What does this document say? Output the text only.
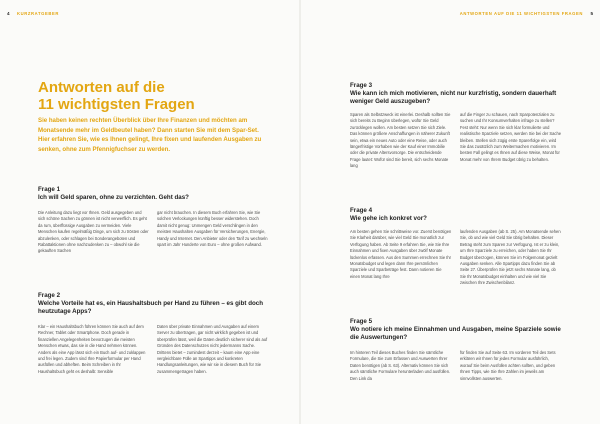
4 KURZRATGEBER
Antworten auf die
11 wichtigsten Fragen

Sie haben keinen rechten Überblick über Ihre Finanzen und möchten am Monatsende mehr im Geldbeutel haben? Dann starten Sie mit dem Spar-Set. Hier erfahren Sie, wie es Ihnen gelingt, Ihre fixen und laufenden Ausgaben zu senken, ohne zum Pfennigfuchser zu werden.

Frage 1
Ich will Geld sparen, ohne zu verzichten. Geht das?

Die Anleitung dazu liegt vor Ihnen. Geld ausgegeben und sich schöne Sachen zu gönnen ist nicht verwerflich. Es geht da rum, überflüssige Ausgaben zu vermeiden. Viele Menschen kaufen regelmäßig Dinge, um sich zu trösten oder abzulenken, oder schlagen bei Sonderangeboten und Rabattaktionen ohne nachzudenken zu – obwohl sie die gekauften Sachen

gar nicht brauchen. In diesem Buch erfahren Sie, wie Sie solchen Verlockungen künftig besser widerstehen. Doch damit nicht genug: Unmengen Geld verschlingen in den meisten Haushalten Ausgaben für Versicherungen, Energie, Handy und Internet. Den Anbieter oder den Tarif zu wechseln spart im Jahr Hunderte von Euro – ohne großen Aufwand.

Frage 2
Welche Vorteile hat es, ein Haushaltsbuch per Hand zu führen – es gibt doch heutzutage Apps?

Klar – ein Haushaltsbuch führen können Sie auch auf dem Rechner, Tablet oder Smartphone. Doch gerade in finanziellen Angelegenheiten bevorzugen die meisten Menschen etwas, das sie in die Hand nehmen können. Anders als eine App lässt sich ein Buch auf- und zuklappen und frei legen. Zudem sind Ihre Papierformular per Hand ausfüllen und abheften. Beim Schreiben in Ihr Haushaltsbuch geht es deshalb: Sensible

Daten über private Einnahmen und Ausgaben auf einem Server zu übertragen, gar nicht wirklich gegeben ist und überprüfen lässt, weil die Daten deutlich sicherer sind als auf Gründen des Datenschutzes nicht jedermanns Sache. Drittens bietet – zumindest derzeit – kaum eine App eine vergleichbare Fülle an Spartipps und konkreten Handlungsanleitungen, wie wir sie in diesem Buch für Sie zusammengetragen haben.

ANTWORTEN AUF DIE 11 WICHTIGSTEN FRAGEN 5
Frage 3
Wie kann ich mich motivieren, nicht nur kurzfristig, sondern dauerhaft weniger Geld auszugeben?

Sparen als Selbstzweck ist einerlei. Deshalb sollten Sie sich bereits zu Beginn überlegen, wofür Sie Geld zurücklegen wollen. Am besten setzen Sie sich Ziele. Das können größere Anschaffungen in näherer Zukunft sein, etwa ein neues Auto oder eine Reise, oder auch längerfristige Vorhaben wie der Kauf einer Immobilie oder die private Altersvorsorge. Die entscheidende Frage lautet: Wofür sind Sie bereit, sich sechs Monate lang

auf die Finger zu schauen, nach Sparpotenzialen zu suchen und Ihr Konsumverhalten infrage zu stellen? Fest steht: Nur wenn Sie sich klar formulierte und realistische Sparziele setzen, werden Sie bei der Sache bleiben. Stellen sich zügig erste Sparerfolge ein, wird Sie das zusätzlich zum Weitermachen motivieren. Im besten Fall gelingt es Ihnen auf diese Weise, Monat für Monat mehr von Ihrem Budget übrig zu behalten.

Frage 4
Wie gehe ich konkret vor?

Am besten gehen Sie schrittweise vor. Zuerst benötigen Sie Klarheit darüber, wie viel Geld Sie monatlich zur Verfügung haben. Ab Seite 9 erfahren Sie, wie Sie Ihre Einnahmen und fixen Ausgaben über zwölf Monate lückenlos erfassen. Aus den Summen errechnen Sie Ihr Monatsbudget und legen dann Ihre persönlichen Sparziele und Sparbeträge fest. Dann notieren Sie einen Monat lang Ihre

laufenden Ausgaben (ab S. 25). Am Monatsende sehen Sie, ob und wie viel Geld Sie übrig behalten. Dieser Betrag steht zum Sparen zur Verfügung. Ist er zu klein, um Ihre Sparziele zu erreichen, oder haben Sie Ihr Budget überzogen, können Sie im Folgemonat gezielt Ausgaben senken. Alle Spartipps dazu finden Sie ab Seite 27. Überprüfen Sie jetzt sechs Monate lang, ob Sie Ihr Monatsbudget einhalten und wie viel Sie zwischen Ihre Zwischenbilanz.

Frage 5
Wo notiere ich meine Einnahmen und Ausgaben, meine Sparziele sowie die Auswertungen?

Im hinteren Teil dieses Buches finden Sie sämtliche Formulare, die Sie zum Erfassen und Auswerten Ihrer Daten benötigen (ab S. 63). Alternativ können Sie sich auch sämtliche Formulare herunterladen und ausfüllen. Den Link da

für finden Sie auf Seite 63. Im vorderen Teil des Sets erklären wir Ihnen für jedes Formular ausführlich, worauf Sie beim Ausfüllen achten sollten, und geben Ihnen Tipps, wie Sie Ihre Zahlen im jeweils am sinnvollsten auswerten.
